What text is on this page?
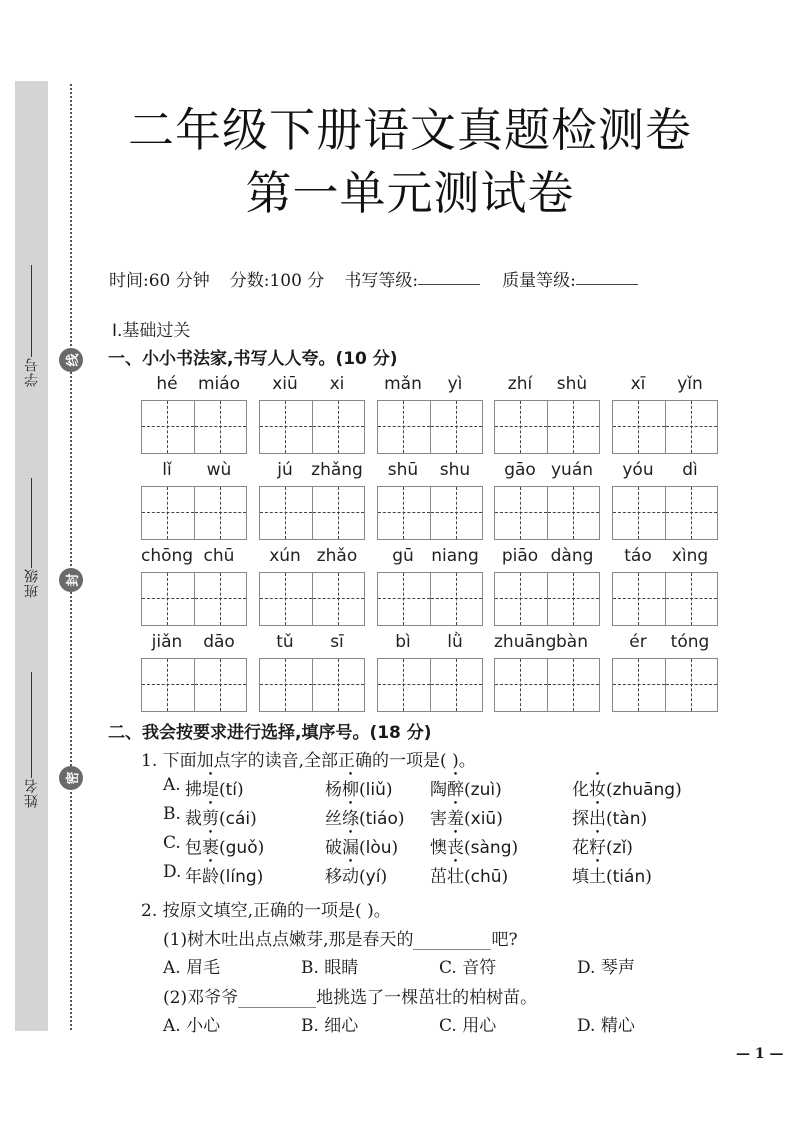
学号
班级
姓名
线
封
密
二年级下册语文真题检测卷
第一单元测试卷
时间:60 分钟 分数:100 分 书写等级:	质量等级:
Ⅰ.基础过关
一、小小书法家,书写人人夸。(10 分)
hé	miáo	xiū	xi	mǎn	yì	zhí	shù	xī	yǐn
lǐ	wù	jú	zhǎng	shū	shu	gāo yuán	yóu	dì
chōng chū	xún zhǎo	gū	niang	piāo dàng	táo	xìng
jiǎn	dāo	tǔ	sī	bì	lǜ	zhuāng bàn	ér	tóng
二、我会按要求进行选择,填序号。(18 分)
1. 下面加点字的读音,全部正确的一项是( )。
A. 拂堤(tí)	杨柳(liǔ) 陶醉(zuì)	化妆(zhuāng)
B. 裁剪(cái)	丝绦(tiáo) 害羞(xiū)	探出(tàn)
C. 包裹(guǒ)	破漏(lòu) 懊丧(sàng)	花籽(zǐ)
D. 年龄(líng)	移动(yí)	茁壮(chū)	填土(tián)
2. 按原文填空,正确的一项是( )。
(1)树木吐出点点嫩芽,那是春天的	吧?
A. 眉毛	B. 眼睛	C. 音符	D. 琴声
(2)邓爷爷	地挑选了一棵茁壮的柏树苗。
A. 小心	B. 细心	C. 用心	D. 精心
— 1 —
